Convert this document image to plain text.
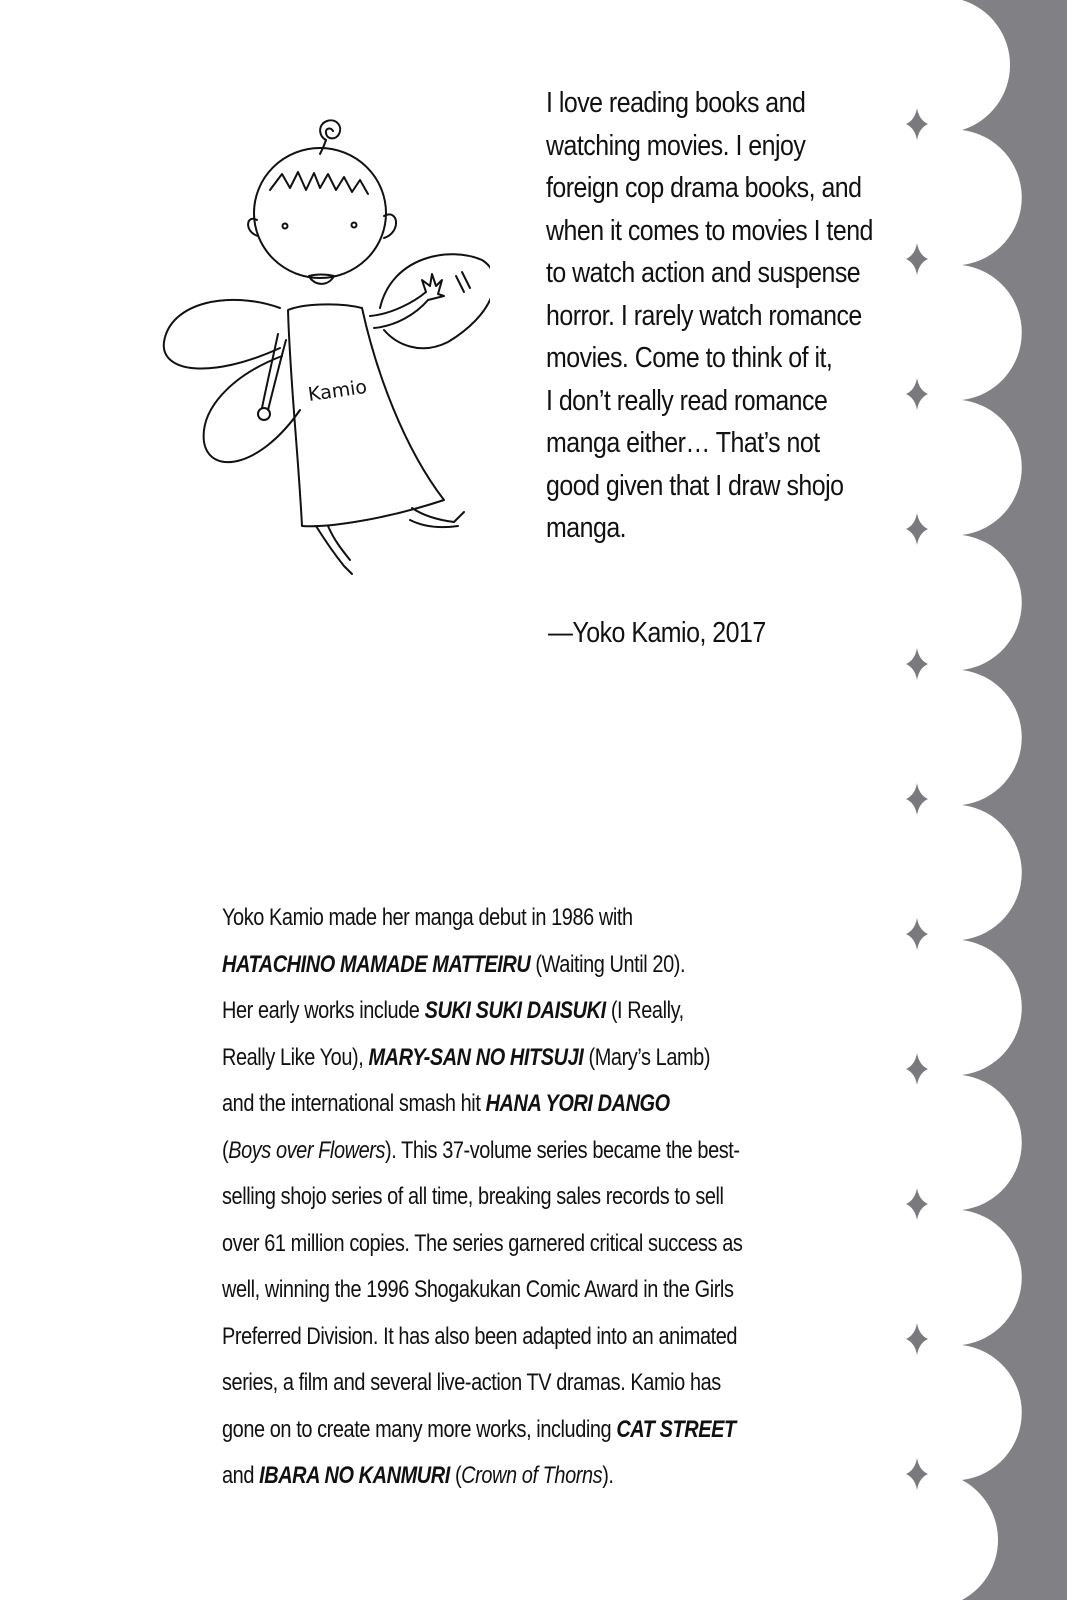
Kamio

I love reading books and

watching movies. I enjoy

foreign cop drama books, and

when it comes to movies I tend

to watch action and suspense

horror. I rarely watch romance

movies. Come to think of it,

I don’t really read romance

manga either… That’s not

good given that I draw shojo

manga.

—Yoko Kamio, 2017
Yoko Kamio made her manga debut in 1986 with
HATACHINO MAMADE MATTEIRU (Waiting Until 20).
Her early works include SUKI SUKI DAISUKI (I Really,
Really Like You), MARY-SAN NO HITSUJI (Mary’s Lamb)
and the international smash hit HANA YORI DANGO
(Boys over Flowers). This 37-volume series became the best-
selling shojo series of all time, breaking sales records to sell
over 61 million copies. The series garnered critical success as
well, winning the 1996 Shogakukan Comic Award in the Girls
Preferred Division. It has also been adapted into an animated
series, a film and several live-action TV dramas. Kamio has
gone on to create many more works, including CAT STREET
and IBARA NO KANMURI (Crown of Thorns).
